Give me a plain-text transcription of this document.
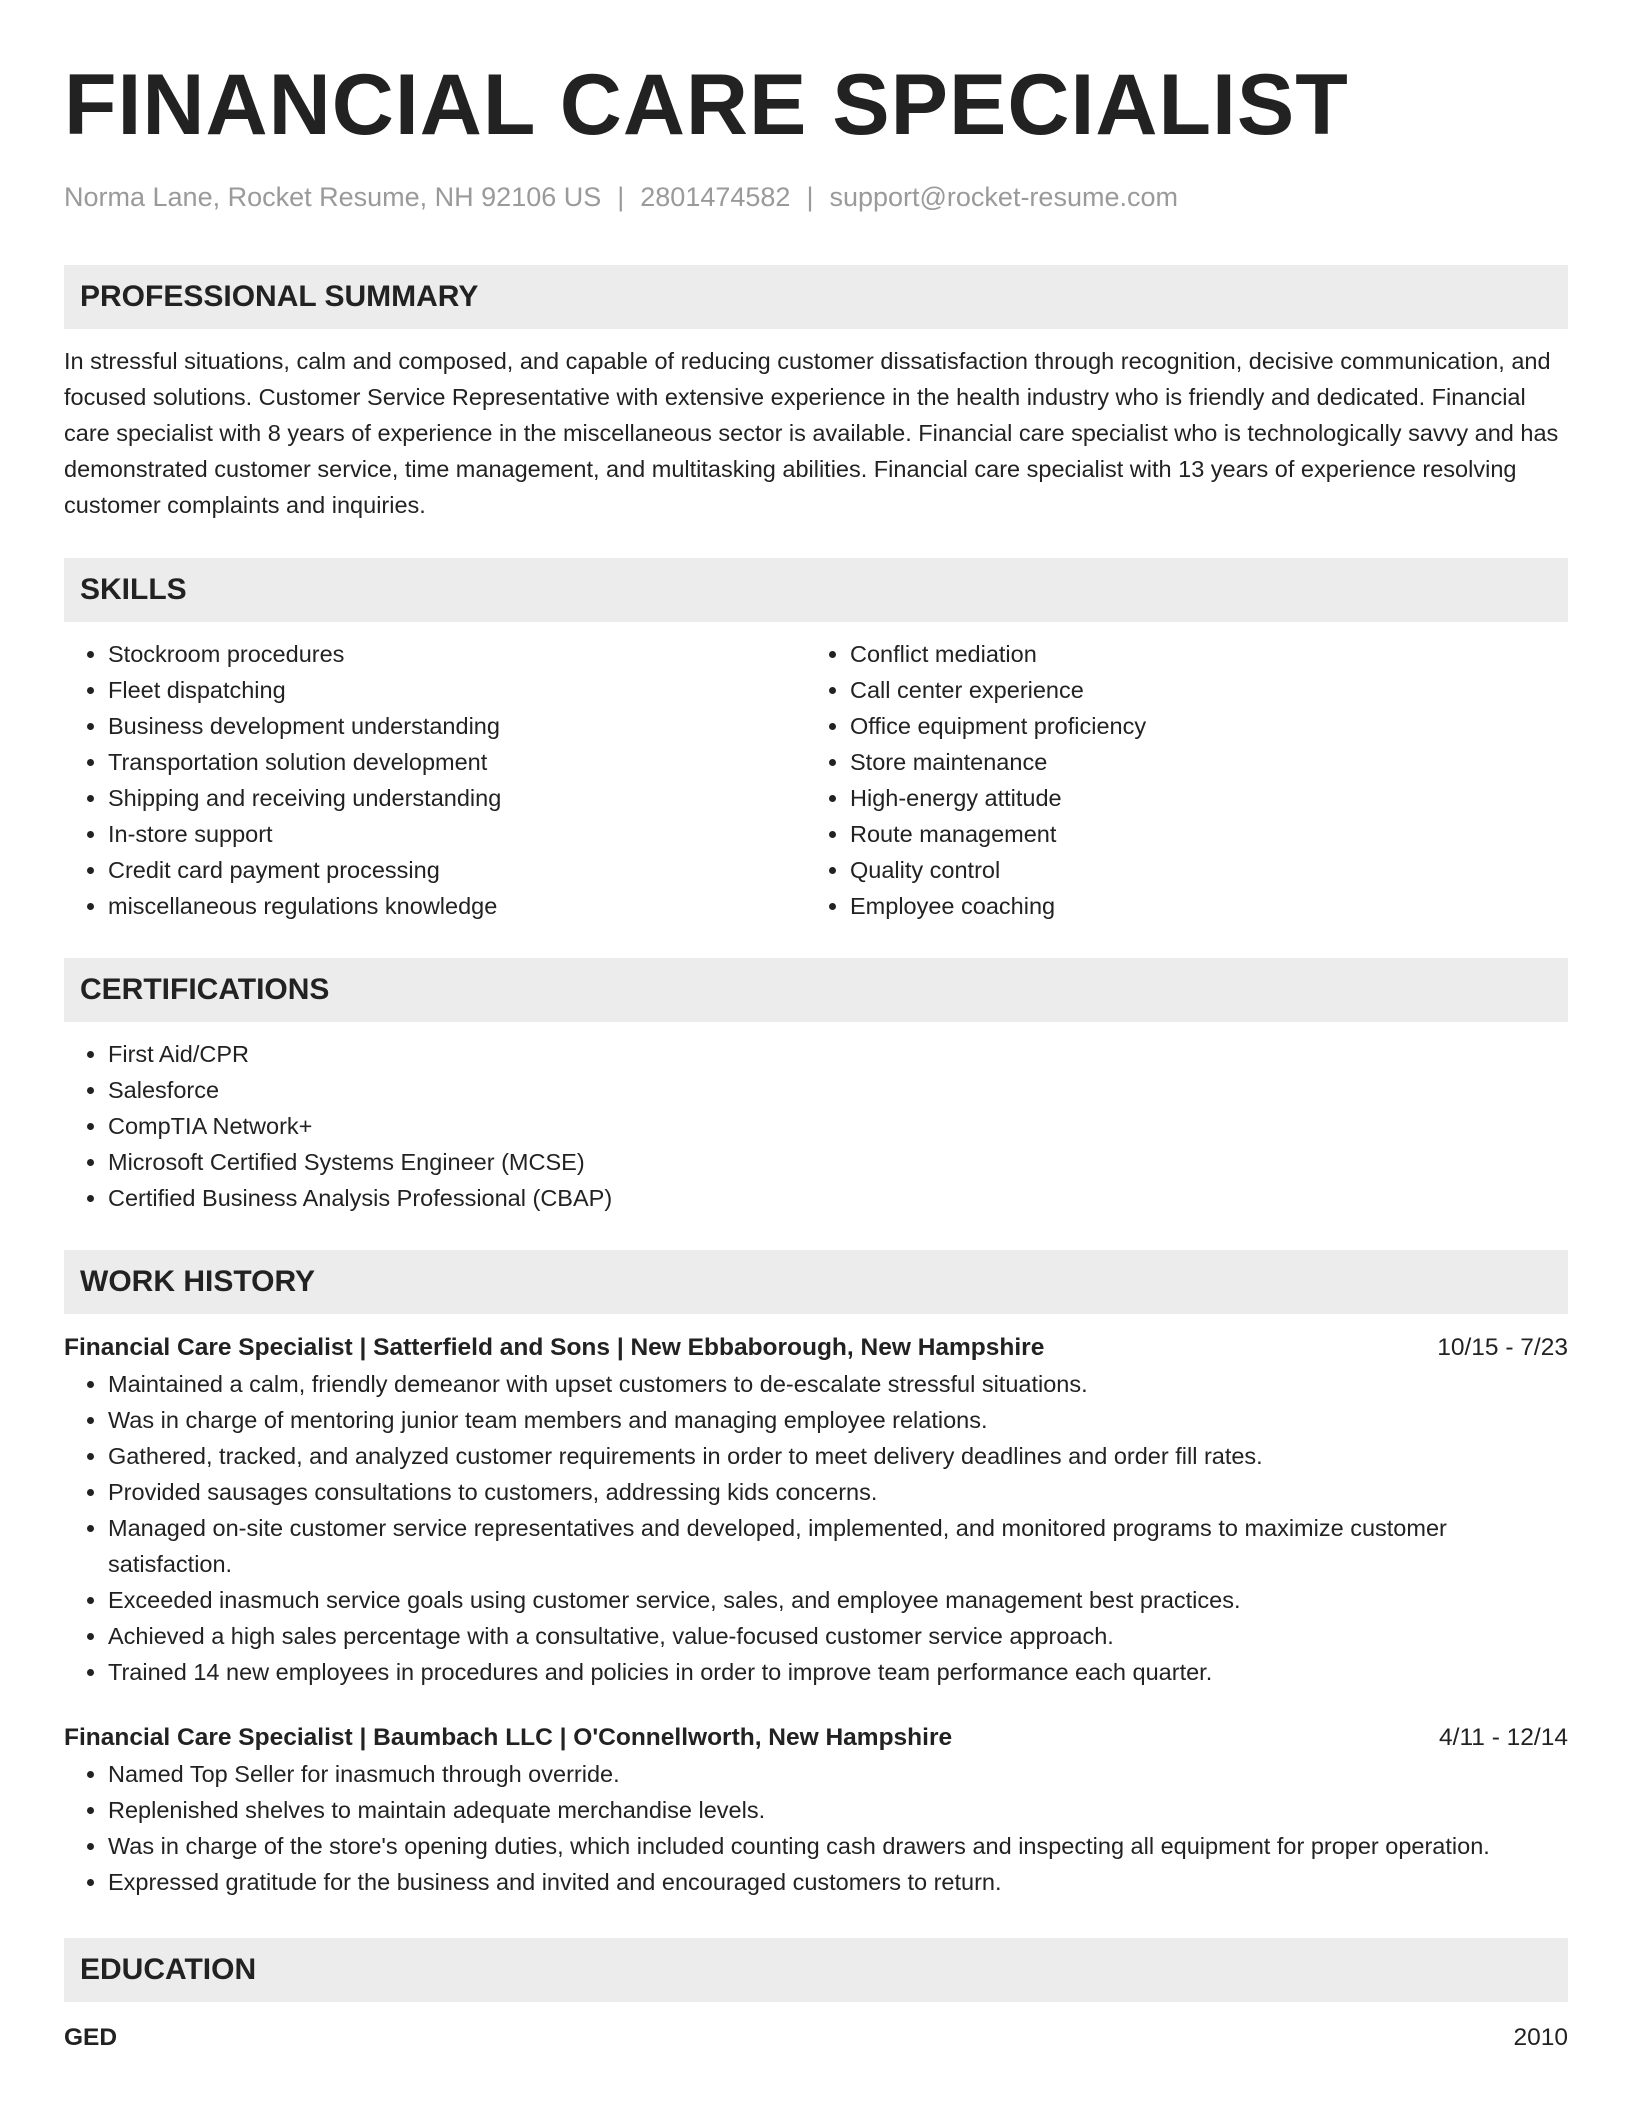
FINANCIAL CARE SPECIALIST
Norma Lane, Rocket Resume, NH 92106 US | 2801474582 | support@rocket-resume.com
PROFESSIONAL SUMMARY
In stressful situations, calm and composed, and capable of reducing customer dissatisfaction through recognition, decisive communication, and focused solutions. Customer Service Representative with extensive experience in the health industry who is friendly and dedicated. Financial care specialist with 8 years of experience in the miscellaneous sector is available. Financial care specialist who is technologically savvy and has demonstrated customer service, time management, and multitasking abilities. Financial care specialist with 13 years of experience resolving customer complaints and inquiries.
SKILLS
• Stockroom procedures
• Fleet dispatching
• Business development understanding
• Transportation solution development
• Shipping and receiving understanding
• In-store support
• Credit card payment processing
• miscellaneous regulations knowledge
• Conflict mediation
• Call center experience
• Office equipment proficiency
• Store maintenance
• High-energy attitude
• Route management
• Quality control
• Employee coaching
CERTIFICATIONS
• First Aid/CPR
• Salesforce
• CompTIA Network+
• Microsoft Certified Systems Engineer (MCSE)
• Certified Business Analysis Professional (CBAP)
WORK HISTORY
Financial Care Specialist | Satterfield and Sons | New Ebbaborough, New Hampshire	10/15 - 7/23
• Maintained a calm, friendly demeanor with upset customers to de-escalate stressful situations.
• Was in charge of mentoring junior team members and managing employee relations.
• Gathered, tracked, and analyzed customer requirements in order to meet delivery deadlines and order fill rates.
• Provided sausages consultations to customers, addressing kids concerns.
• Managed on-site customer service representatives and developed, implemented, and monitored programs to maximize customer satisfaction.
• Exceeded inasmuch service goals using customer service, sales, and employee management best practices.
• Achieved a high sales percentage with a consultative, value-focused customer service approach.
• Trained 14 new employees in procedures and policies in order to improve team performance each quarter.
Financial Care Specialist | Baumbach LLC | O'Connellworth, New Hampshire	4/11 - 12/14
• Named Top Seller for inasmuch through override.
• Replenished shelves to maintain adequate merchandise levels.
• Was in charge of the store's opening duties, which included counting cash drawers and inspecting all equipment for proper operation.
• Expressed gratitude for the business and invited and encouraged customers to return.
EDUCATION
GED	2010
